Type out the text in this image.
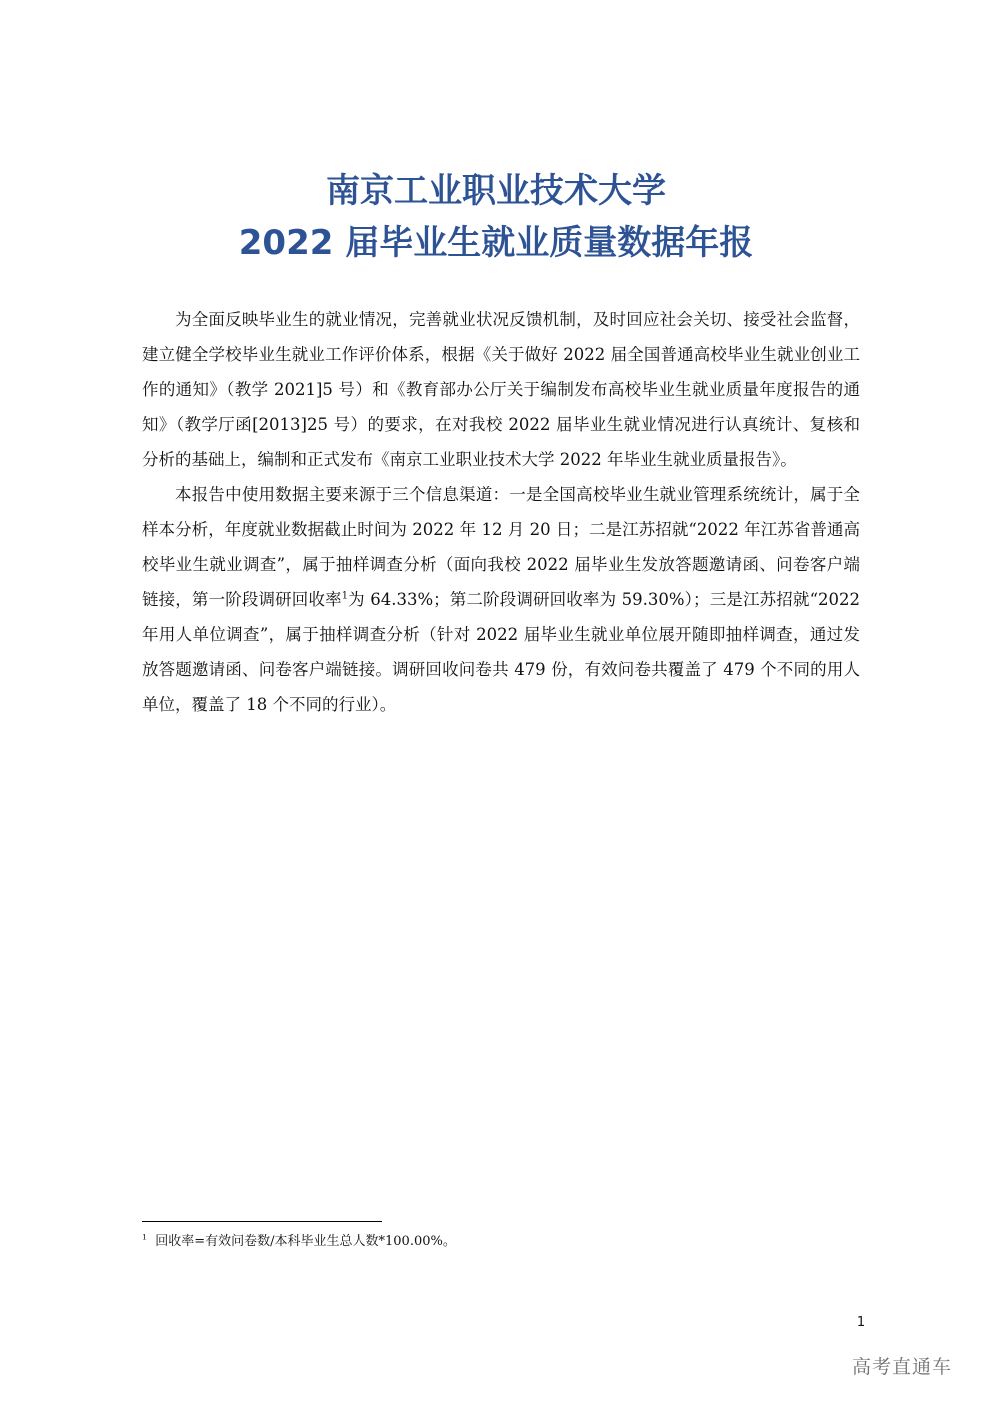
南京工业职业技术大学
2022 届毕业生就业质量数据年报

为全面反映毕业生的就业情况，完善就业状况反馈机制，及时回应社会关切、接受社会监督，建立健全学校毕业生就业工作评价体系，根据《关于做好 2022 届全国普通高校毕业生就业创业工作的通知》（教学 2021]5 号）和《教育部办公厅关于编制发布高校毕业生就业质量年度报告的通知》（教学厅函[2013]25 号）的要求，在对我校 2022 届毕业生就业情况进行认真统计、复核和分析的基础上，编制和正式发布《南京工业职业技术大学 2022 年毕业生就业质量报告》。

本报告中使用数据主要来源于三个信息渠道：一是全国高校毕业生就业管理系统统计，属于全样本分析，年度就业数据截止时间为 2022 年 12 月 20 日；二是江苏招就“2022 年江苏省普通高校毕业生就业调查”，属于抽样调查分析（面向我校 2022 届毕业生发放答题邀请函、问卷客户端链接，第一阶段调研回收率$^1$为 64.33%；第二阶段调研回收率为 59.30%）；三是江苏招就“2022 年用人单位调查”，属于抽样调查分析（针对 2022 届毕业生就业单位展开随即抽样调查，通过发放答题邀请函、问卷客户端链接。调研回收问卷共 479 份，有效问卷共覆盖了 479 个不同的用人单位，覆盖了 18 个不同的行业）。

$^1$ 回收率=有效问卷数/本科毕业生总人数*100.00%。
1
高考直通车
